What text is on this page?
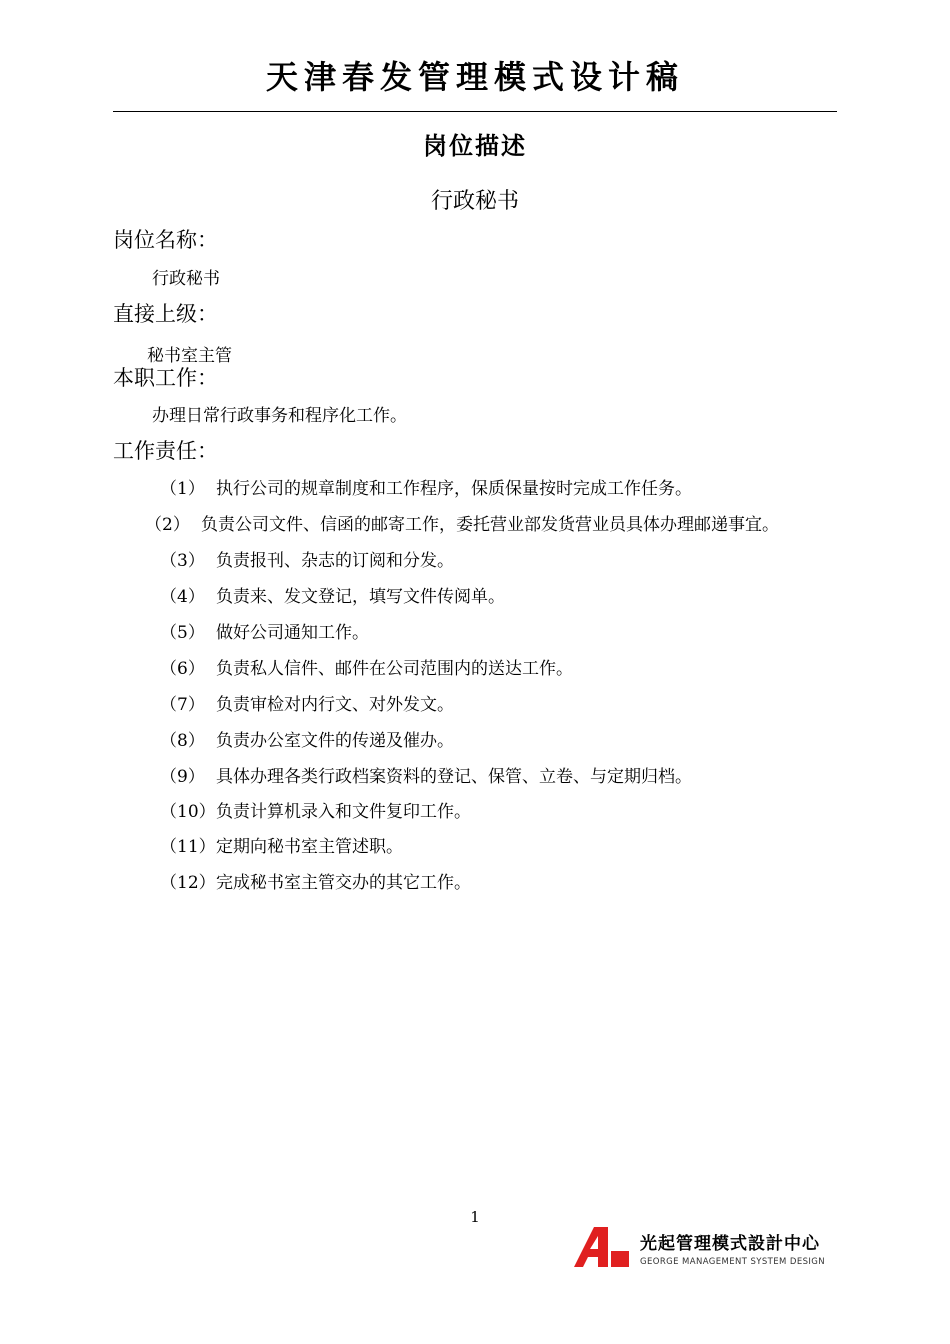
天津春发管理模式设计稿
岗位描述
行政秘书
岗位名称：
行政秘书
直接上级：
秘书室主管
本职工作：
办理日常行政事务和程序化工作。
工作责任：
（1） 执行公司的规章制度和工作程序，保质保量按时完成工作任务。
（2） 负责公司文件、信函的邮寄工作，委托营业部发货营业员具体办理邮递事宜。
（3） 负责报刊、杂志的订阅和分发。
（4） 负责来、发文登记，填写文件传阅单。
（5） 做好公司通知工作。
（6） 负责私人信件、邮件在公司范围内的送达工作。
（7） 负责审检对内行文、对外发文。
（8） 负责办公室文件的传递及催办。
（9） 具体办理各类行政档案资料的登记、保管、立卷、与定期归档。
（10）负责计算机录入和文件复印工作。
（11）定期向秘书室主管述职。
（12）完成秘书室主管交办的其它工作。
1
光起管理模式設計中心
GEORGE MANAGEMENT SYSTEM DESIGN
